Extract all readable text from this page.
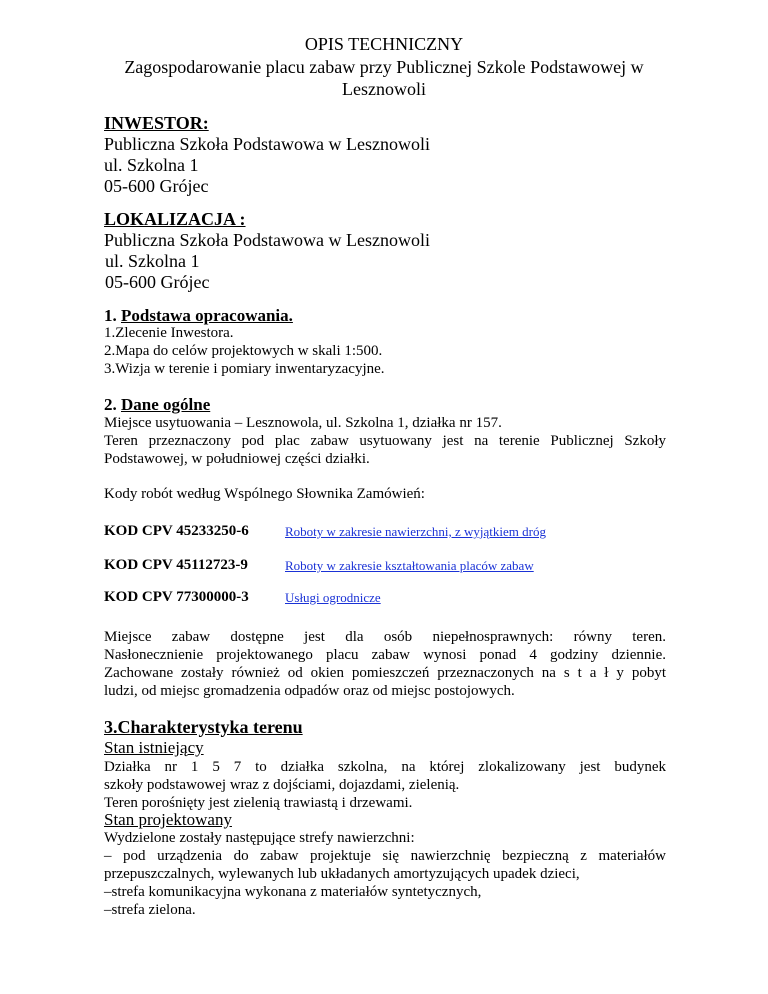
OPIS TECHNICZNY
Zagospodarowanie placu zabaw przy Publicznej Szkole Podstawowej w
Lesznowoli
INWESTOR:
Publiczna Szkoła Podstawowa w Lesznowoli
ul. Szkolna 1
05-600 Grójec
LOKALIZACJA :
Publiczna Szkoła Podstawowa w Lesznowoli
ul. Szkolna 1
05-600 Grójec
1. Podstawa opracowania.
1.Zlecenie Inwestora.
2.Mapa do celów projektowych w skali 1:500.
3.Wizja w terenie i pomiary inwentaryzacyjne.
2. Dane ogólne
Miejsce usytuowania – Lesznowola, ul. Szkolna 1, działka nr 157.
Teren przeznaczony pod plac zabaw usytuowany jest na terenie Publicznej Szkoły
Podstawowej, w południowej części działki.
Kody robót według Wspólnego Słownika Zamówień:
KOD CPV 45233250-6	Roboty w zakresie nawierzchni, z wyjątkiem dróg
KOD CPV 45112723-9	Roboty w zakresie kształtowania placów zabaw
KOD CPV 77300000-3	Usługi ogrodnicze
Miejsce zabaw dostępne jest dla osób niepełnosprawnych: równy teren.
Nasłonecznienie projektowanego placu zabaw wynosi ponad 4 godziny dziennie.
Zachowane zostały również od okien pomieszczeń przeznaczonych na s t a ł y pobyt
ludzi, od miejsc gromadzenia odpadów oraz od miejsc postojowych.
3.Charakterystyka terenu
Stan istniejący
Działka nr 1 5 7 to działka szkolna, na której zlokalizowany jest budynek
szkoły podstawowej wraz z dojściami, dojazdami, zielenią.
Teren porośnięty jest zielenią trawiastą i drzewami.
Stan projektowany
Wydzielone zostały następujące strefy nawierzchni:
– pod urządzenia do zabaw projektuje się nawierzchnię bezpieczną z materiałów
przepuszczalnych, wylewanych lub układanych amortyzujących upadek dzieci,
–strefa komunikacyjna wykonana z materiałów syntetycznych,
–strefa zielona.
